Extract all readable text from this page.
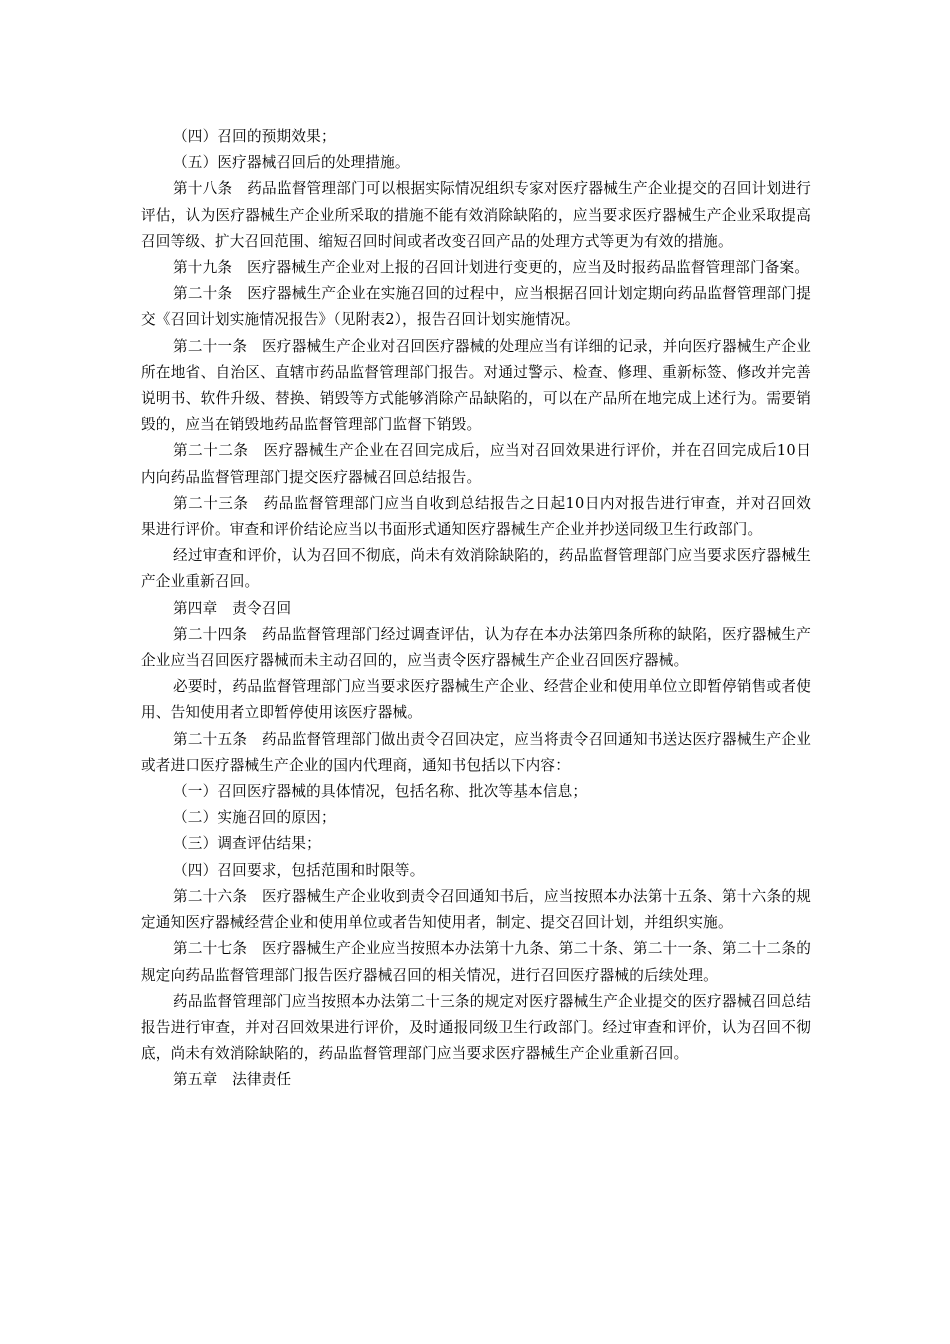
（四）召回的预期效果；

（五）医疗器械召回后的处理措施。

第十八条　药品监督管理部门可以根据实际情况组织专家对医疗器械生产企业提交的召回计划进行评估，认为医疗器械生产企业所采取的措施不能有效消除缺陷的，应当要求医疗器械生产企业采取提高召回等级、扩大召回范围、缩短召回时间或者改变召回产品的处理方式等更为有效的措施。

第十九条　医疗器械生产企业对上报的召回计划进行变更的，应当及时报药品监督管理部门备案。

第二十条　医疗器械生产企业在实施召回的过程中，应当根据召回计划定期向药品监督管理部门提交《召回计划实施情况报告》（见附表2），报告召回计划实施情况。

第二十一条　医疗器械生产企业对召回医疗器械的处理应当有详细的记录，并向医疗器械生产企业所在地省、自治区、直辖市药品监督管理部门报告。对通过警示、检查、修理、重新标签、修改并完善说明书、软件升级、替换、销毁等方式能够消除产品缺陷的，可以在产品所在地完成上述行为。需要销毁的，应当在销毁地药品监督管理部门监督下销毁。

第二十二条　医疗器械生产企业在召回完成后，应当对召回效果进行评价，并在召回完成后10日内向药品监督管理部门提交医疗器械召回总结报告。

第二十三条　药品监督管理部门应当自收到总结报告之日起10日内对报告进行审查，并对召回效果进行评价。审查和评价结论应当以书面形式通知医疗器械生产企业并抄送同级卫生行政部门。

经过审查和评价，认为召回不彻底，尚未有效消除缺陷的，药品监督管理部门应当要求医疗器械生产企业重新召回。

第四章　责令召回

第二十四条　药品监督管理部门经过调查评估，认为存在本办法第四条所称的缺陷，医疗器械生产企业应当召回医疗器械而未主动召回的，应当责令医疗器械生产企业召回医疗器械。

必要时，药品监督管理部门应当要求医疗器械生产企业、经营企业和使用单位立即暂停销售或者使用、告知使用者立即暂停使用该医疗器械。

第二十五条　药品监督管理部门做出责令召回决定，应当将责令召回通知书送达医疗器械生产企业或者进口医疗器械生产企业的国内代理商，通知书包括以下内容：

（一）召回医疗器械的具体情况，包括名称、批次等基本信息；

（二）实施召回的原因；

（三）调查评估结果；

（四）召回要求，包括范围和时限等。

第二十六条　医疗器械生产企业收到责令召回通知书后，应当按照本办法第十五条、第十六条的规定通知医疗器械经营企业和使用单位或者告知使用者，制定、提交召回计划，并组织实施。

第二十七条　医疗器械生产企业应当按照本办法第十九条、第二十条、第二十一条、第二十二条的规定向药品监督管理部门报告医疗器械召回的相关情况，进行召回医疗器械的后续处理。

药品监督管理部门应当按照本办法第二十三条的规定对医疗器械生产企业提交的医疗器械召回总结报告进行审查，并对召回效果进行评价，及时通报同级卫生行政部门。经过审查和评价，认为召回不彻底，尚未有效消除缺陷的，药品监督管理部门应当要求医疗器械生产企业重新召回。

第五章　法律责任
